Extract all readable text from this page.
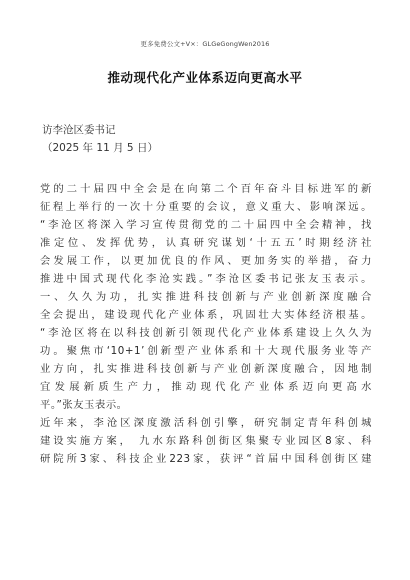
更多免费公文+V×：GLGeGongWen2016
推动现代化产业体系迈向更高水平
访李沧区委书记
（2025 年 11 月 5 日）
党的二十届四中全会是在向第二个百年奋斗目标进军的新
征程上举行的一次十分重要的会议，意义重大、影响深远。
“李沧区将深入学习宣传贯彻党的二十届四中全会精神，找
准定位、发挥优势，认真研究谋划‘十五五’时期经济社
会发展工作，以更加优良的作风、更加务实的举措，奋力
推进中国式现代化李沧实践。”李沧区委书记张友玉表示。
一、久久为功，扎实推进科技创新与产业创新深度融合
全会提出，建设现代化产业体系，巩固壮大实体经济根基。
“李沧区将在以科技创新引领现代化产业体系建设上久久为
功。聚焦市‘10+1’创新型产业体系和十大现代服务业等产
业方向，扎实推进科技创新与产业创新深度融合，因地制
宜发展新质生产力，推动现代化产业体系迈向更高水
平。”张友玉表示。
近年来，李沧区深度激活科创引擎，研究制定青年科创城
建设实施方案， 九水东路科创街区集聚专业园区8家、科
研院所3家、科技企业223家，获评“首届中国科创街区建
